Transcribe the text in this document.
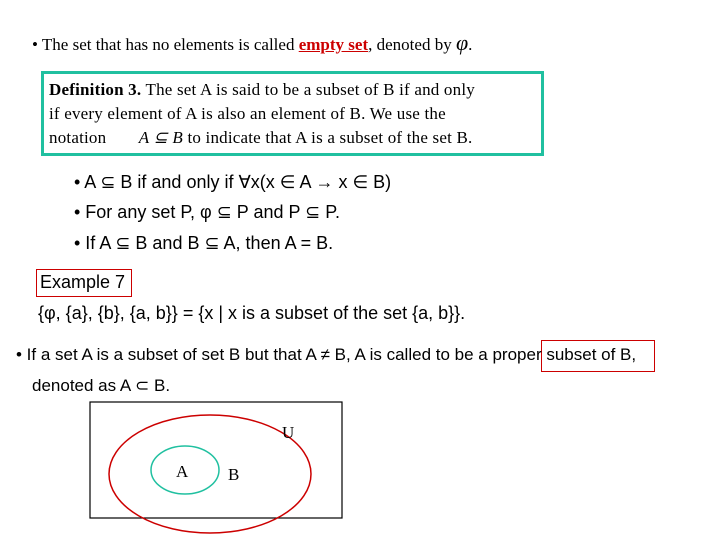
• The set that has no elements is called empty set, denoted by φ.
Definition 3. The set A is said to be a subset of B if and only
if every element of A is also an element of B. We use the
notation A ⊆ B to indicate that A is a subset of the set B.
• A ⊆ B if and only if ∀x(x ∈ A → x ∈ B)
• For any set P, φ ⊆ P and P ⊆ P.
• If A ⊆ B and B ⊆ A, then A = B.
Example 7
{φ, {a}, {b}, {a, b}} = {x | x is a subset of the set {a, b}}.
• If a set A is a subset of set B but that A ≠ B, A is called to be a proper subset of B,
denoted as A ⊂ B.
U
A B
